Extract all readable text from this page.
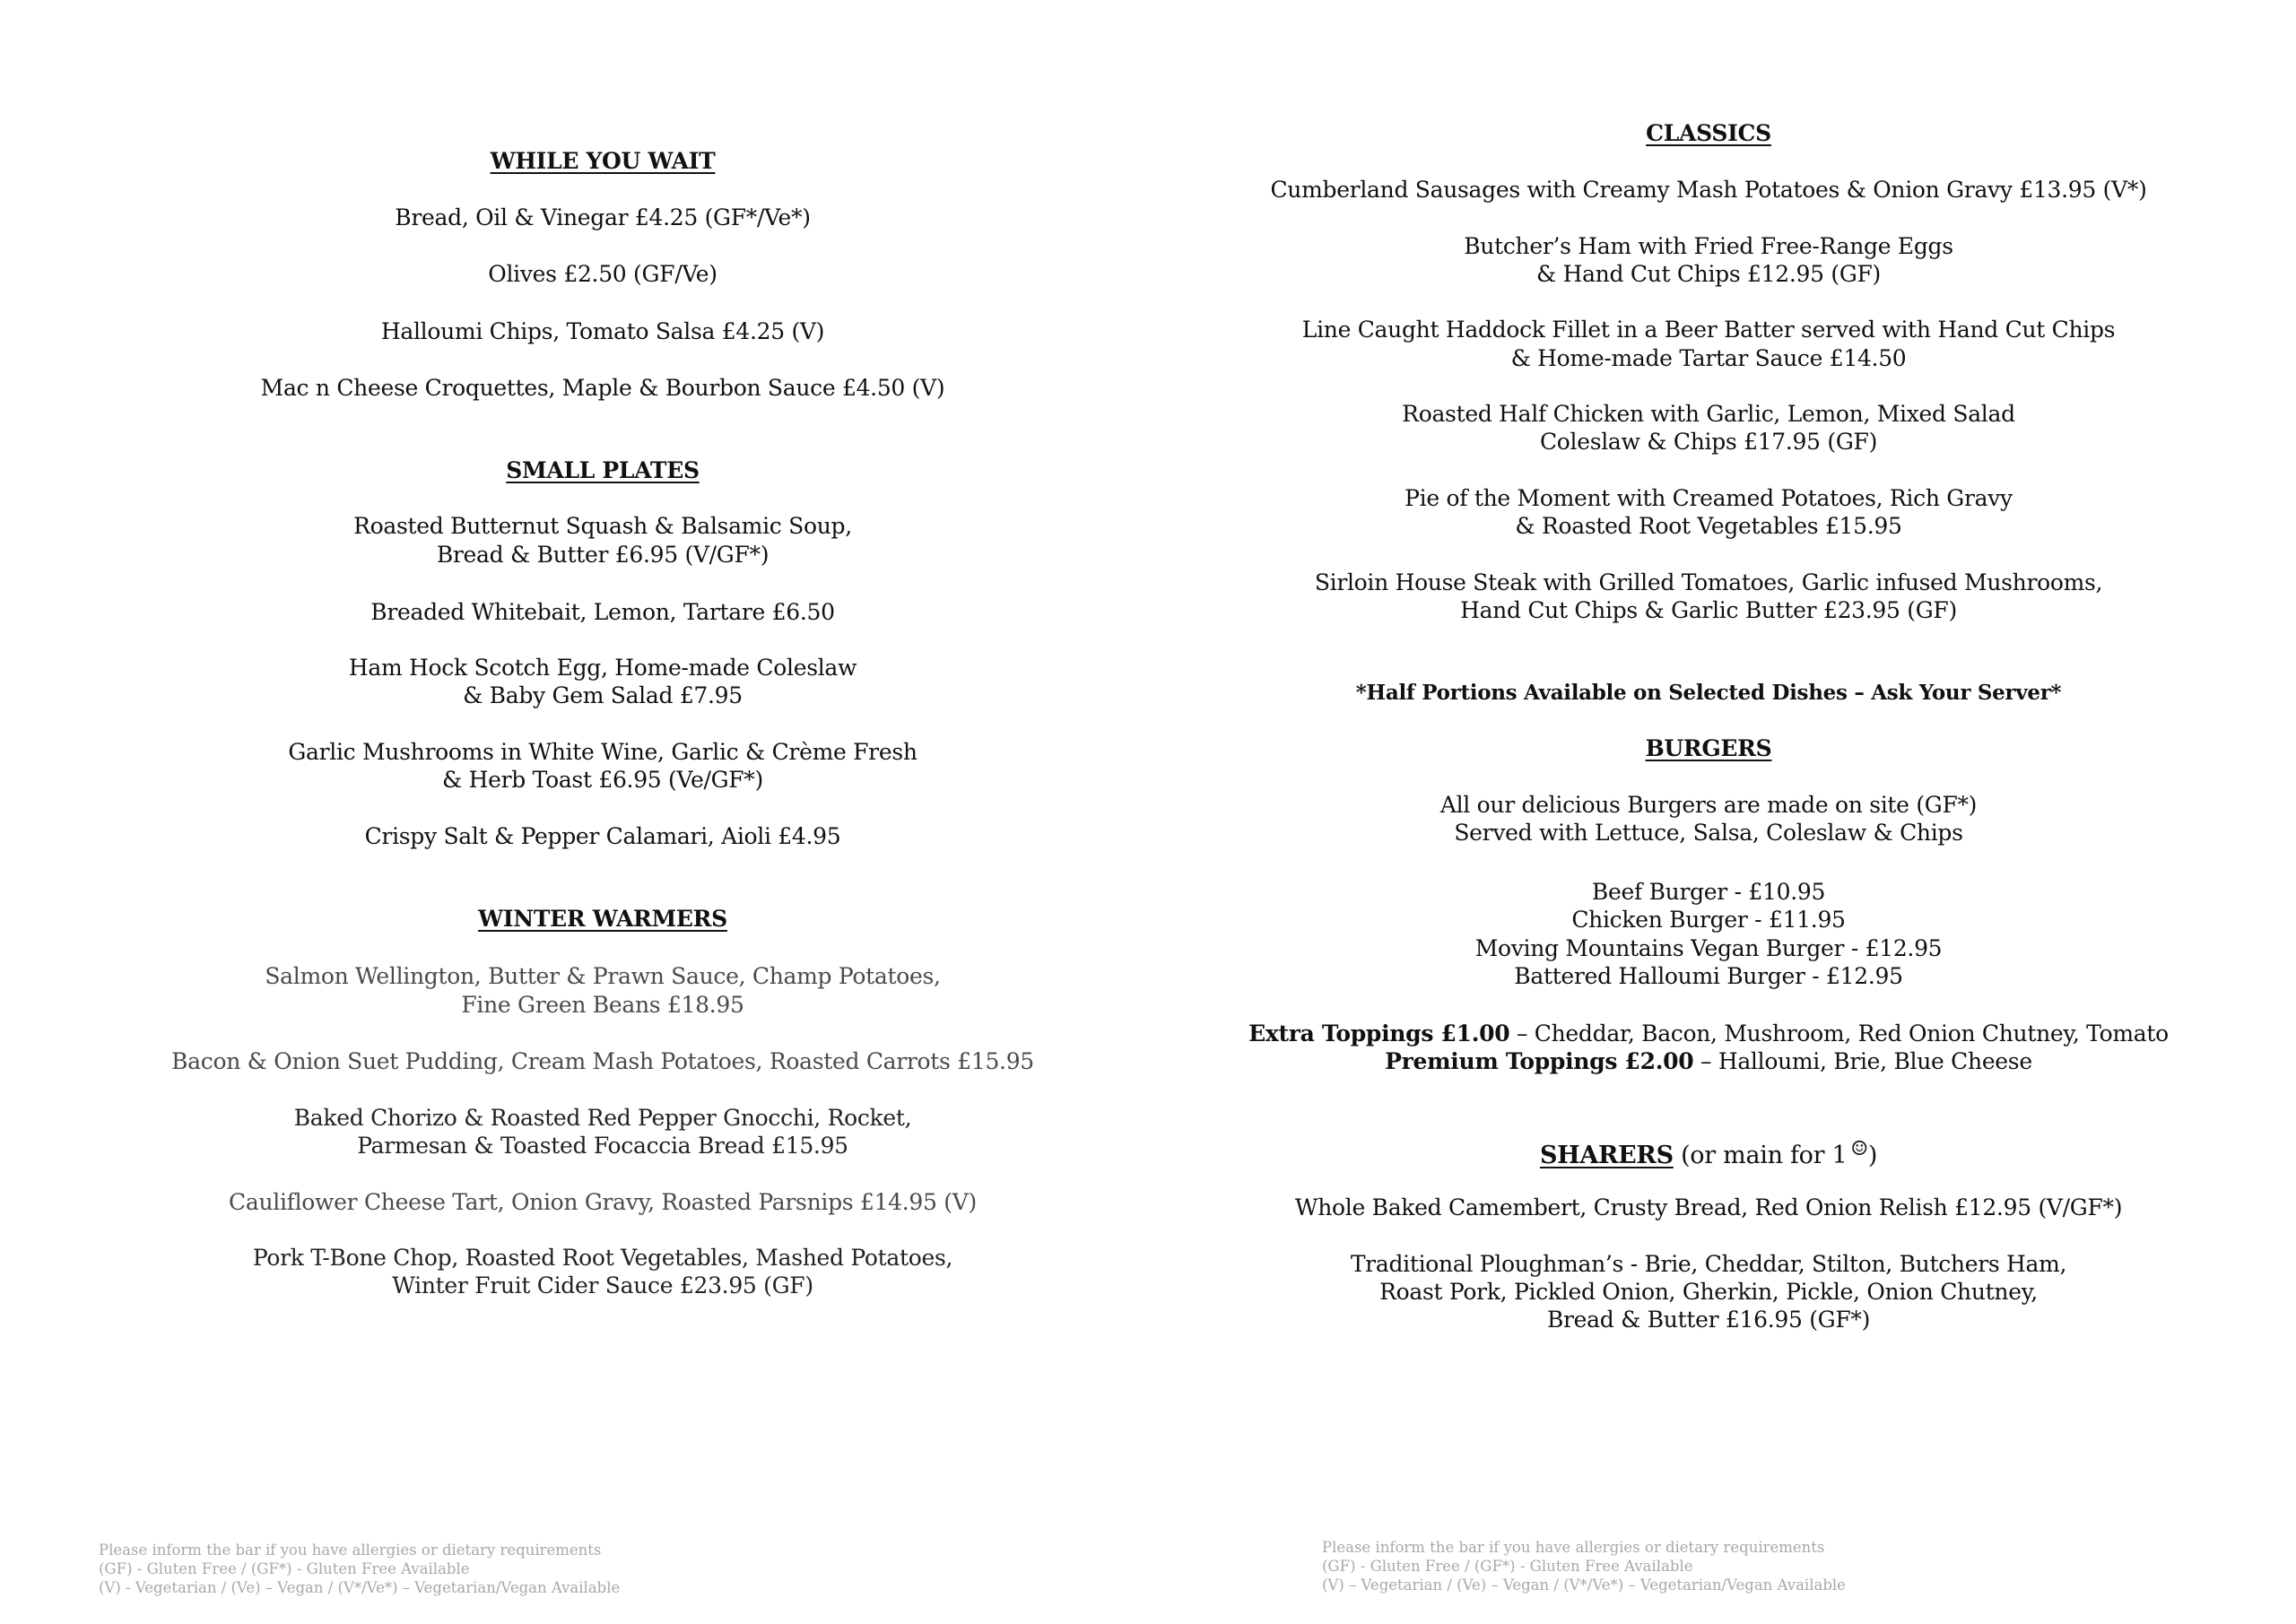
WHILE YOU WAIT
Bread, Oil & Vinegar £4.25 (GF*/Ve*)
Olives £2.50 (GF/Ve)
Halloumi Chips, Tomato Salsa £4.25 (V)
Mac n Cheese Croquettes, Maple & Bourbon Sauce £4.50 (V)
SMALL PLATES
Roasted Butternut Squash & Balsamic Soup,
Bread & Butter £6.95 (V/GF*)
Breaded Whitebait, Lemon, Tartare £6.50
Ham Hock Scotch Egg, Home-made Coleslaw
& Baby Gem Salad £7.95
Garlic Mushrooms in White Wine, Garlic & Crème Fresh
& Herb Toast £6.95 (Ve/GF*)
Crispy Salt & Pepper Calamari, Aioli £4.95
WINTER WARMERS
Salmon Wellington, Butter & Prawn Sauce, Champ Potatoes,
Fine Green Beans £18.95
Bacon & Onion Suet Pudding, Cream Mash Potatoes, Roasted Carrots £15.95
Baked Chorizo & Roasted Red Pepper Gnocchi, Rocket,
Parmesan & Toasted Focaccia Bread £15.95
Cauliflower Cheese Tart, Onion Gravy, Roasted Parsnips £14.95 (V)
Pork T-Bone Chop, Roasted Root Vegetables, Mashed Potatoes,
Winter Fruit Cider Sauce £23.95 (GF)
Please inform the bar if you have allergies or dietary requirements
(GF) - Gluten Free / (GF*) - Gluten Free Available
(V) - Vegetarian / (Ve) – Vegan / (V*/Ve*) – Vegetarian/Vegan Available
CLASSICS
Cumberland Sausages with Creamy Mash Potatoes & Onion Gravy £13.95 (V*)
Butcher’s Ham with Fried Free-Range Eggs
& Hand Cut Chips £12.95 (GF)
Line Caught Haddock Fillet in a Beer Batter served with Hand Cut Chips
& Home-made Tartar Sauce £14.50
Roasted Half Chicken with Garlic, Lemon, Mixed Salad
Coleslaw & Chips £17.95 (GF)
Pie of the Moment with Creamed Potatoes, Rich Gravy
& Roasted Root Vegetables £15.95
Sirloin House Steak with Grilled Tomatoes, Garlic infused Mushrooms,
Hand Cut Chips & Garlic Butter £23.95 (GF)
*Half Portions Available on Selected Dishes – Ask Your Server*
BURGERS
All our delicious Burgers are made on site (GF*)
Served with Lettuce, Salsa, Coleslaw & Chips
Beef Burger - £10.95
Chicken Burger - £11.95
Moving Mountains Vegan Burger - £12.95
Battered Halloumi Burger - £12.95
Extra Toppings £1.00 – Cheddar, Bacon, Mushroom, Red Onion Chutney, Tomato
Premium Toppings £2.00 – Halloumi, Brie, Blue Cheese
SHARERS (or main for 1 ☺)
Whole Baked Camembert, Crusty Bread, Red Onion Relish £12.95 (V/GF*)
Traditional Ploughman’s - Brie, Cheddar, Stilton, Butchers Ham,
Roast Pork, Pickled Onion, Gherkin, Pickle, Onion Chutney,
Bread & Butter £16.95 (GF*)
Please inform the bar if you have allergies or dietary requirements
(GF) - Gluten Free / (GF*) - Gluten Free Available
(V) – Vegetarian / (Ve) – Vegan / (V*/Ve*) – Vegetarian/Vegan Available
